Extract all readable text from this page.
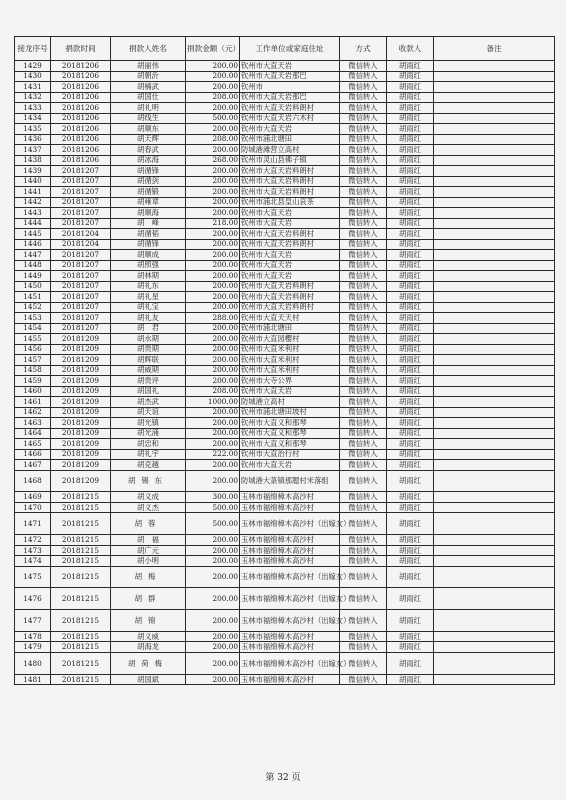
接龙序号	捐款时间	捐款人姓名	捐款金额（元）	工作单位或家庭住址	方式	收款人	备注
1429	20181206	胡丽伟	200.00	钦州市大直天岩	微信转入	胡雨红	
1430	20181206	胡朝沂	200.00	钦州市大直天岩那巴	微信转入	胡雨红	
1431	20181206	胡楠武	200.00	钦州市	微信转入	胡雨红	
1432	20181206	胡国仕	208.00	钦州市大直天岩那巴	微信转入	胡雨红	
1433	20181206	胡礼明	200.00	钦州市大直天岩料朗村	微信转入	胡雨红	
1434	20181206	胡线生	500.00	钦州市大直天岩六木村	微信转入	胡雨红	
1435	20181206	胡顺东	200.00	钦州市大直天岩	微信转入	胡雨红	
1436	20181206	胡天辉	208.00	钦州市浦北塘田	微信转入	胡雨红	
1437	20181206	胡春武	200.00	防城港滩营立高村	微信转入	胡雨红	
1438	20181206	胡冰海	268.00	钦州市灵山县佛子镇	微信转入	胡雨红	
1439	20181207	胡循锋	200.00	钦州市大直天岩料朗村	微信转入	胡雨红	
1440	20181207	胡循剑	200.00	钦州市大直天岩料朗村	微信转入	胡雨红	
1441	20181207	胡循锻	200.00	钦州市大直天岩料朗村	微信转入	胡雨红	
1442	20181207	胡雍章	200.00	钦州市浦北县皇山哀茶	微信转入	胡雨红	
1443	20181207	胡顺海	200.00	钦州市大直天岩	微信转入	胡雨红	
1444	20181207	胡　峰	218.00	钦州市大直天岩	微信转入	胡雨红	
1445	20181204	胡循韬	200.00	钦州市大直天岩料朗村	微信转入	胡雨红	
1446	20181204	胡循锋	200.00	钦州市大直天岩料朗村	微信转入	胡雨红	
1447	20181207	胡顺成	200.00	钦州市大直天岩	微信转入	胡雨红	
1448	20181207	胡照强	200.00	钦州市大直天岩	微信转入	胡雨红	
1449	20181207	胡林期	200.00	钦州市大直天岩	微信转入	胡雨红	
1450	20181207	胡礼东	200.00	钦州市大直天岩料朗村	微信转入	胡雨红	
1451	20181207	胡礼星	200.00	钦州市大直天岩料朗村	微信转入	胡雨红	
1452	20181207	胡礼宝	200.00	钦州市大直天岩料朗村	微信转入	胡雨红	
1453	20181207	胡礼友	288.00	钦州市大直天天村	微信转入	胡雨红	
1454	20181207	胡　君	200.00	钦州市浦北塘田	微信转入	胡雨红	
1455	20181209	胡水期	200.00	钦州市大直园樱村	微信转入	胡雨红	
1456	20181209	胡贵期	200.00	钦州市大直米利村	微信转入	胡雨红	
1457	20181209	胡辉联	200.00	钦州市大直米利村	微信转入	胡雨红	
1458	20181209	胡威期	200.00	钦州市大直米利村	微信转入	胡雨红	
1459	20181209	胡贵评	200.00	钦州市大寺公界	微信转入	胡雨红	
1460	20181209	胡国礼	208.00	钦州市大直天岩	微信转入	胡雨红	
1461	20181209	胡杰武	1000.00	防城港立高村	微信转入	胡雨红	
1462	20181209	胡天谊	200.00	钦州市浦北塘田坡村	微信转入	胡雨红	
1463	20181209	胡光镇	200.00	钦州市大直义和那琴	微信转入	胡雨红	
1464	20181209	胡光涌	200.00	钦州市大直义和那琴	微信转入	胡雨红	
1465	20181209	胡忠和	200.00	钦州市大直义和那琴	微信转入	胡雨红	
1466	20181209	胡礼宇	222.00	钦州市大直治行村	微信转入	胡雨红	
1467	20181209	胡克越	200.00	钦州市大直天岩	微信转入	胡雨红	
1468	20181209	胡锡东	200.00	防城港大菉镇那腮村米落组	微信转入	胡雨红	
1469	20181215	胡义成	300.00	玉林市福绵樟木高沙村	微信转入	胡雨红	
1470	20181215	胡义杰	500.00	玉林市福绵樟木高沙村	微信转入	胡雨红	
1471	20181215	胡蓉	500.00	玉林市福绵樟木高沙村（出嫁女）	微信转入	胡雨红	
1472	20181215	胡　福	200.00	玉林市福绵樟木高沙村	微信转入	胡雨红	
1473	20181215	胡广元	200.00	玉林市福绵樟木高沙村	微信转入	胡雨红	
1474	20181215	胡小明	200.00	玉林市福绵樟木高沙村	微信转入	胡雨红	
1475	20181215	胡梅	200.00	玉林市福绵樟木高沙村（出嫁女）	微信转入	胡雨红	
1476	20181215	胡群	200.00	玉林市福绵樟木高沙村（出嫁女）	微信转入	胡雨红	
1477	20181215	胡锦	200.00	玉林市福绵樟木高沙村（出嫁女）	微信转入	胡雨红	
1478	20181215	胡义威	200.00	玉林市福绵樟木高沙村	微信转入	胡雨红	
1479	20181215	胡海龙	200.00	玉林市福绵樟木高沙村	微信转入	胡雨红	
1480	20181215	胡荷梅	200.00	玉林市福绵樟木高沙村（出嫁女）	微信转入	胡雨红	
1481	20181215	胡国斌	200.00	玉林市福绵樟木高沙村	微信转入	胡雨红	
第 32 页
